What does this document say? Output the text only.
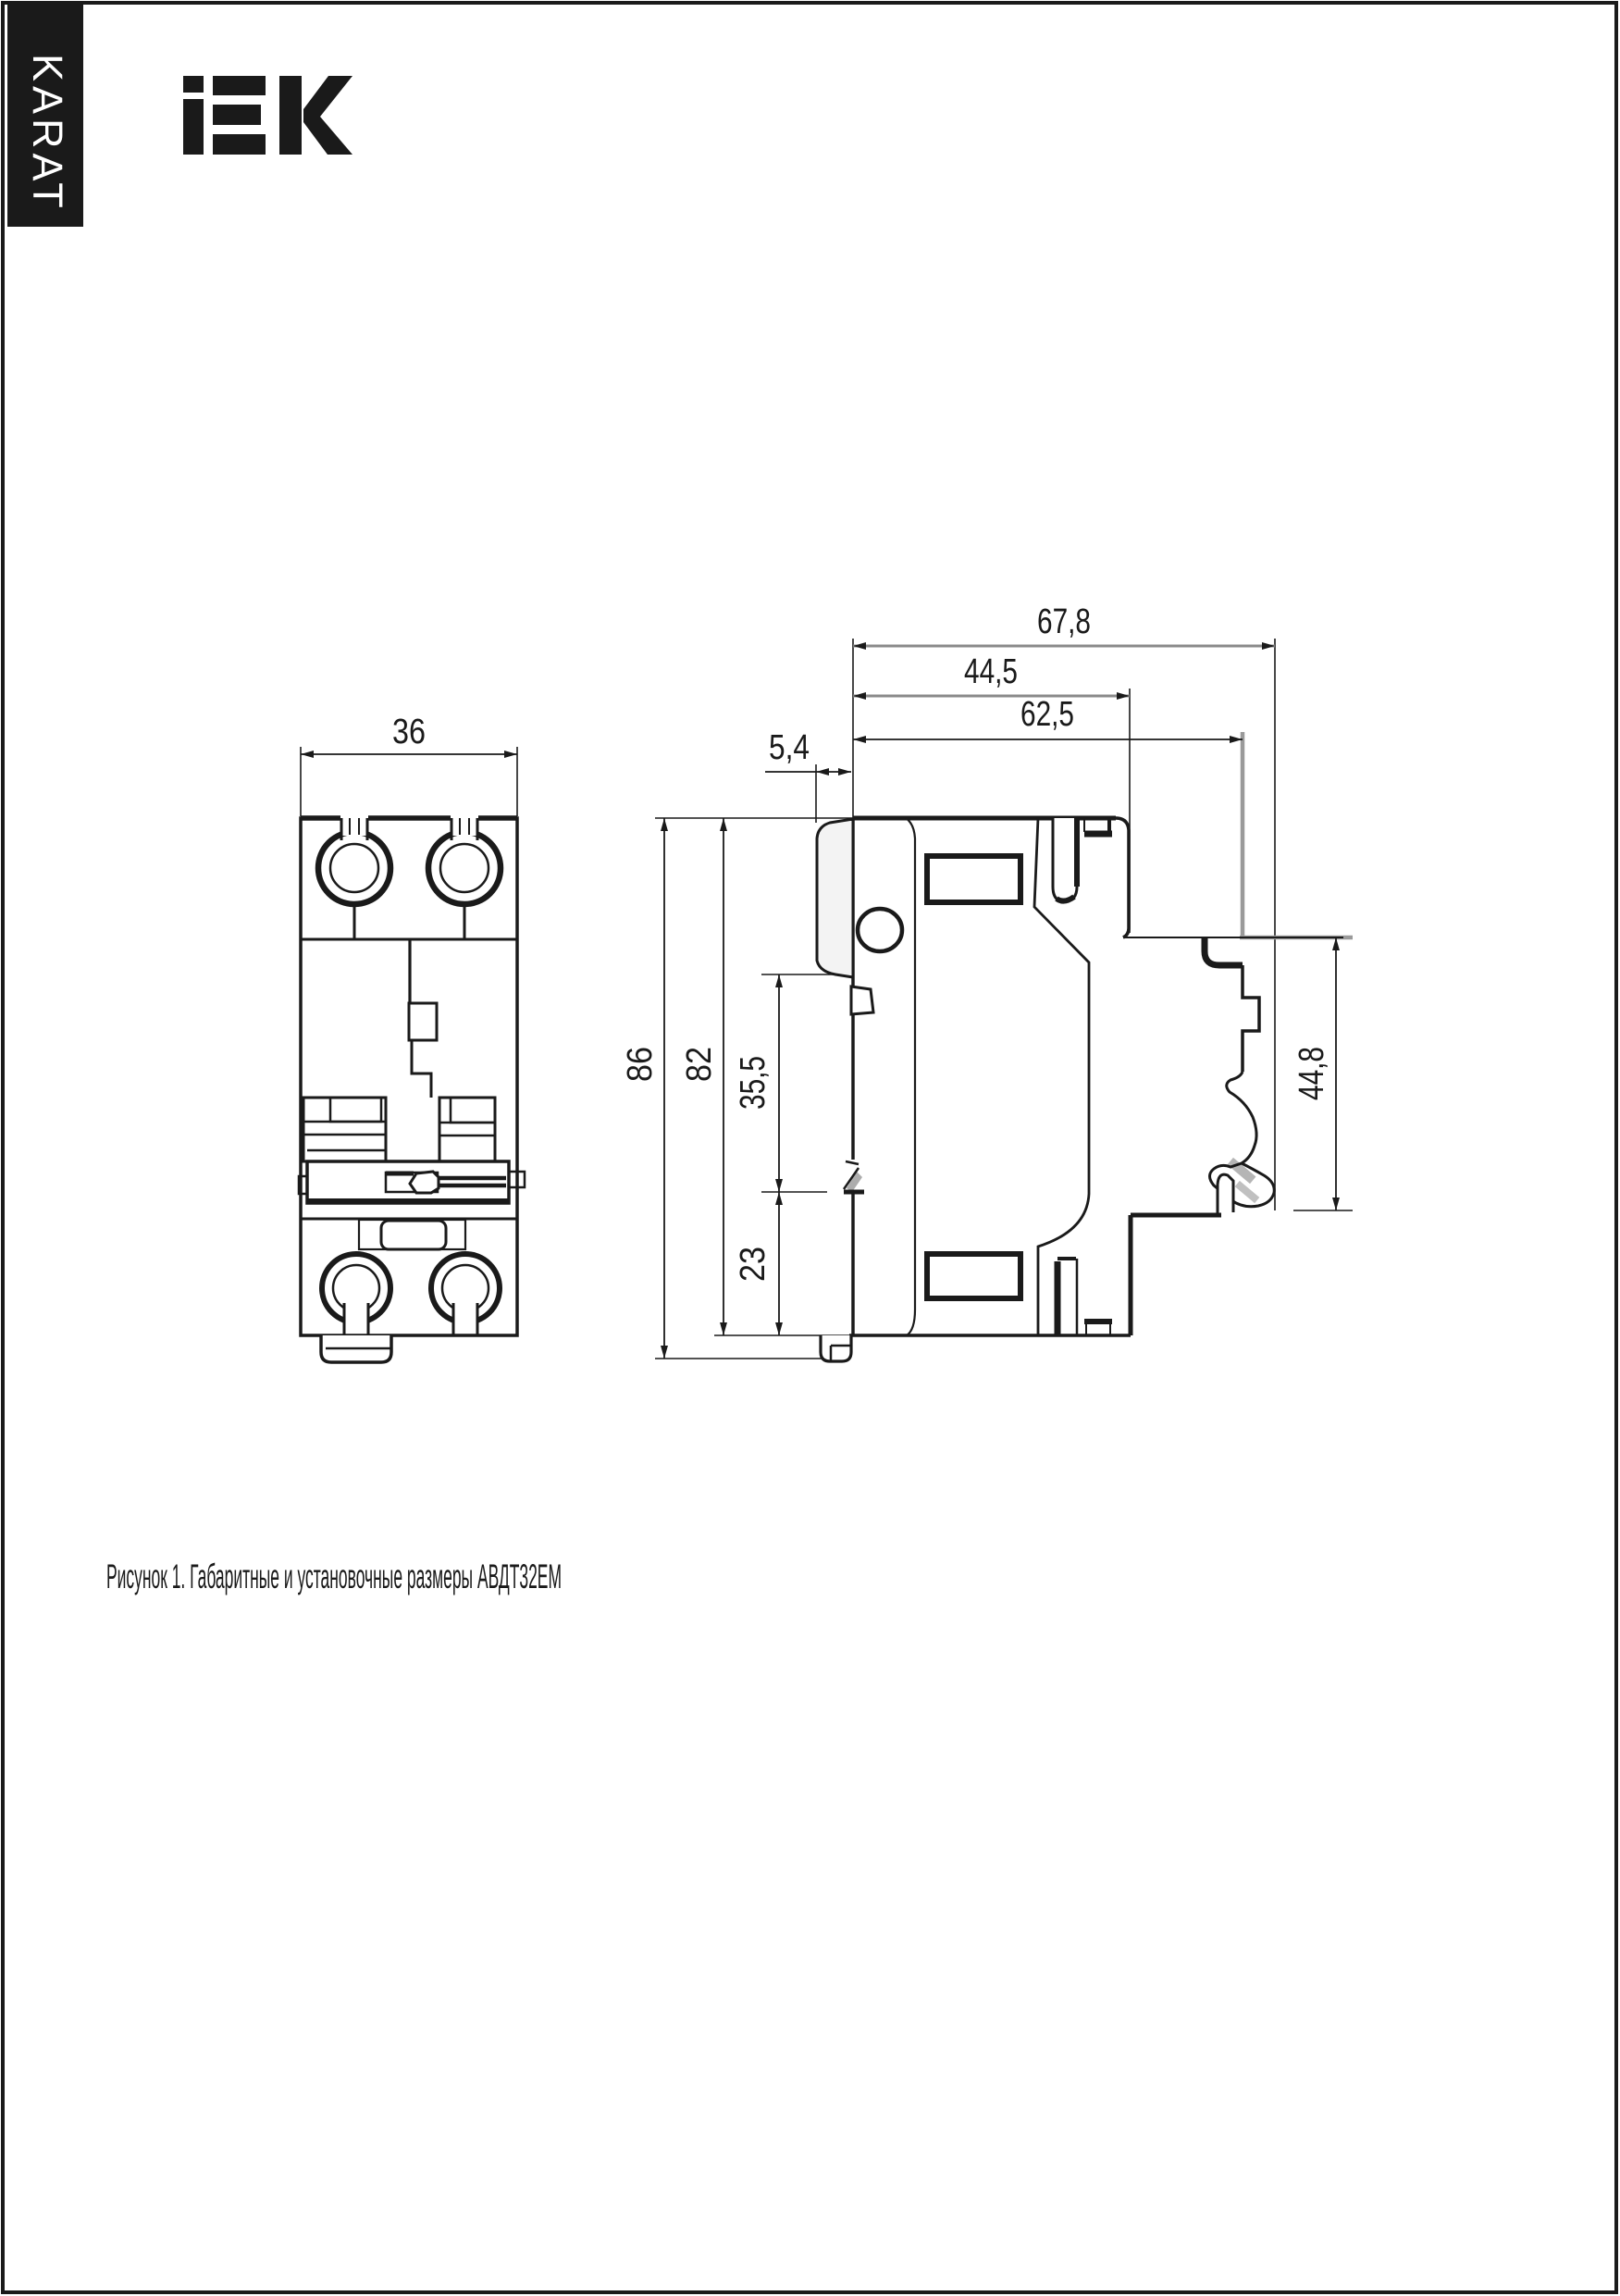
KARAT
36
67,8
44,5
62,5
5,4
86 82 35,5
23
44,8
Рисунок 1. Габаритные и установочные размеры АВДТ32ЕМ
